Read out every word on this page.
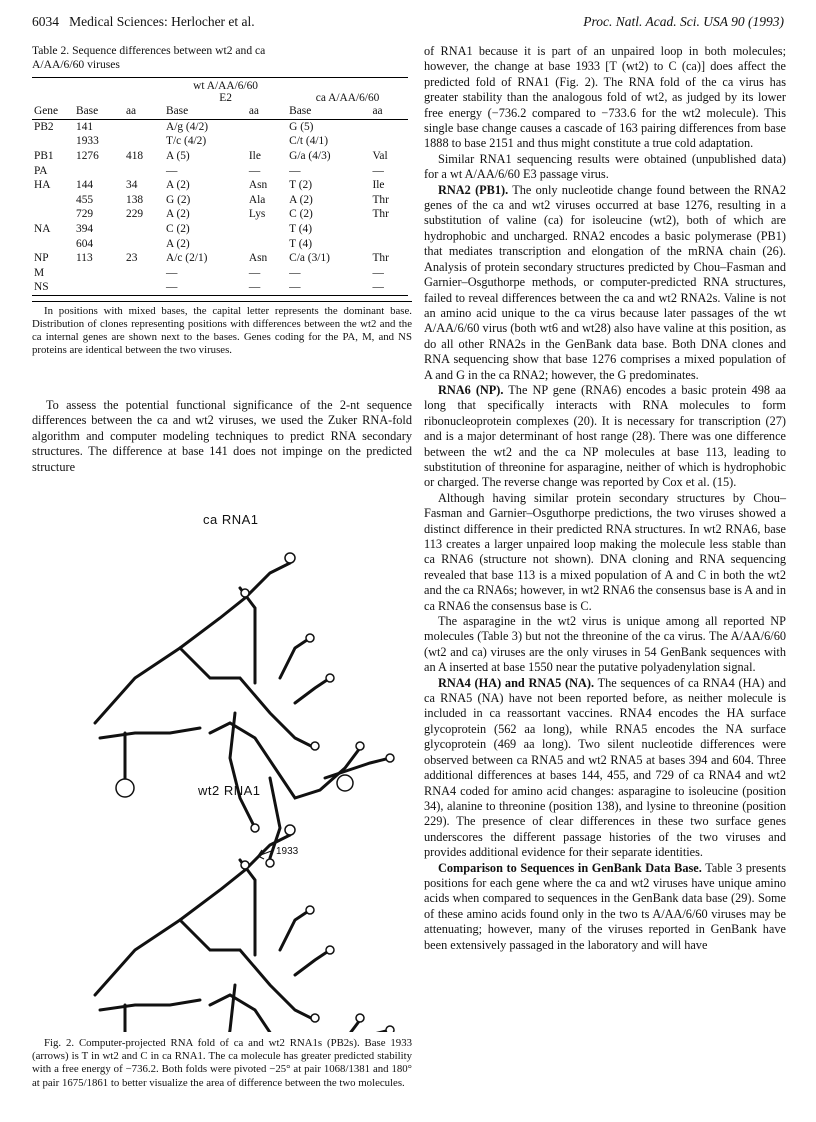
6034 Medical Sciences: Herlocher et al.	Proc. Natl. Acad. Sci. USA 90 (1993)
Table 2. Sequence differences between wt2 and ca
A/AA/6/60 viruses

			wt A/AA/6/60
E2		ca A/AA/6/60	
Gene	Base	aa	Base	aa	Base	aa
PB2	141		A/g (4/2)		G (5)	
	1933		T/c (4/2)		C/t (4/1)	
PB1	1276	418	A (5)	Ile	G/a (4/3)	Val
PA			—	—	—	—
HA	144	34	A (2)	Asn	T (2)	Ile
	455	138	G (2)	Ala	A (2)	Thr
	729	229	A (2)	Lys	C (2)	Thr
NA	394		C (2)		T (4)	
	604		A (2)		T (4)	
NP	113	23	A/c (2/1)	Asn	C/a (3/1)	Thr
M			—	—	—	—
NS			—	—	—	—
In positions with mixed bases, the capital letter represents the dominant base. Distribution of clones representing positions with differences between the wt2 and the ca internal genes are shown next to the bases. Genes coding for the PA, M, and NS proteins are identical between the two viruses.

To assess the potential functional significance of the 2-nt sequence differences between the ca and wt2 viruses, we used the Zuker RNA-fold algorithm and computer modeling techniques to predict RNA secondary structures. The difference at base 141 does not impinge on the predicted structure

ca RNA1
wt2 RNA1
1933
Fig. 2. Computer-projected RNA fold of ca and wt2 RNA1s (PB2s). Base 1933 (arrows) is T in wt2 and C in ca RNA1. The ca molecule has greater predicted stability with a free energy of −736.2. Both folds were pivoted −25° at pair 1068/1381 and 180° at pair 1675/1861 to better visualize the area of difference between the two molecules.

of RNA1 because it is part of an unpaired loop in both molecules; however, the change at base 1933 [T (wt2) to C (ca)] does affect the predicted fold of RNA1 (Fig. 2). The RNA fold of the ca virus has greater stability than the analogous fold of wt2, as judged by its lower free energy (−736.2 compared to −733.6 for the wt2 molecule). This single base change causes a cascade of 163 pairing differences from base 1888 to base 2151 and thus might constitute a true cold adaptation.

Similar RNA1 sequencing results were obtained (unpublished data) for a wt A/AA/6/60 E3 passage virus.

RNA2 (PB1). The only nucleotide change found between the RNA2 genes of the ca and wt2 viruses occurred at base 1276, resulting in a substitution of valine (ca) for isoleucine (wt2), both of which are hydrophobic and uncharged. RNA2 encodes a basic polymerase (PB1) that mediates transcription and elongation of the mRNA chain (26). Analysis of protein secondary structures predicted by Chou–Fasman and Garnier–Osguthorpe methods, or computer-predicted RNA structures, failed to reveal differences between the ca and wt2 RNA2s. Valine is not an amino acid unique to the ca virus because later passages of the wt A/AA/6/60 virus (both wt6 and wt28) also have valine at this position, as do all other RNA2s in the GenBank data base. Both DNA clones and RNA sequencing show that base 1276 comprises a mixed population of A and G in the ca RNA2; however, the G predominates.

RNA6 (NP). The NP gene (RNA6) encodes a basic protein 498 aa long that specifically interacts with RNA molecules to form ribonucleoprotein complexes (20). It is necessary for transcription (27) and is a major determinant of host range (28). There was one difference between the wt2 and the ca NP molecules at base 113, leading to substitution of threonine for asparagine, neither of which is hydrophobic or charged. The reverse change was reported by Cox et al. (15).

Although having similar protein secondary structures by Chou–Fasman and Garnier–Osguthorpe predictions, the two viruses showed a distinct difference in their predicted RNA structures. In wt2 RNA6, base 113 creates a larger unpaired loop making the molecule less stable than ca RNA6 (structure not shown). DNA cloning and RNA sequencing revealed that base 113 is a mixed population of A and C in both the wt2 and the ca RNA6s; however, in wt2 RNA6 the consensus base is A and in ca RNA6 the consensus base is C.

The asparagine in the wt2 virus is unique among all reported NP molecules (Table 3) but not the threonine of the ca virus. The A/AA/6/60 (wt2 and ca) viruses are the only viruses in 54 GenBank sequences with an A inserted at base 1550 near the putative polyadenylation signal.

RNA4 (HA) and RNA5 (NA). The sequences of ca RNA4 (HA) and ca RNA5 (NA) have not been reported before, as neither molecule is included in ca reassortant vaccines. RNA4 encodes the HA surface glycoprotein (562 aa long), while RNA5 encodes the NA surface glycoprotein (469 aa long). Two silent nucleotide differences were observed between ca RNA5 and wt2 RNA5 at bases 394 and 604. Three additional differences at bases 144, 455, and 729 of ca RNA4 and wt2 RNA4 coded for amino acid changes: asparagine to isoleucine (position 34), alanine to threonine (position 138), and lysine to threonine (position 229). The presence of clear differences in these two surface genes underscores the different passage histories of the two viruses and provides additional evidence for their separate identities.

Comparison to Sequences in GenBank Data Base. Table 3 presents positions for each gene where the ca and wt2 viruses have unique amino acids when compared to sequences in the GenBank data base (29). Some of these amino acids found only in the two ts A/AA/6/60 viruses may be attenuating; however, many of the viruses reported in GenBank have been extensively passaged in the laboratory and will have
